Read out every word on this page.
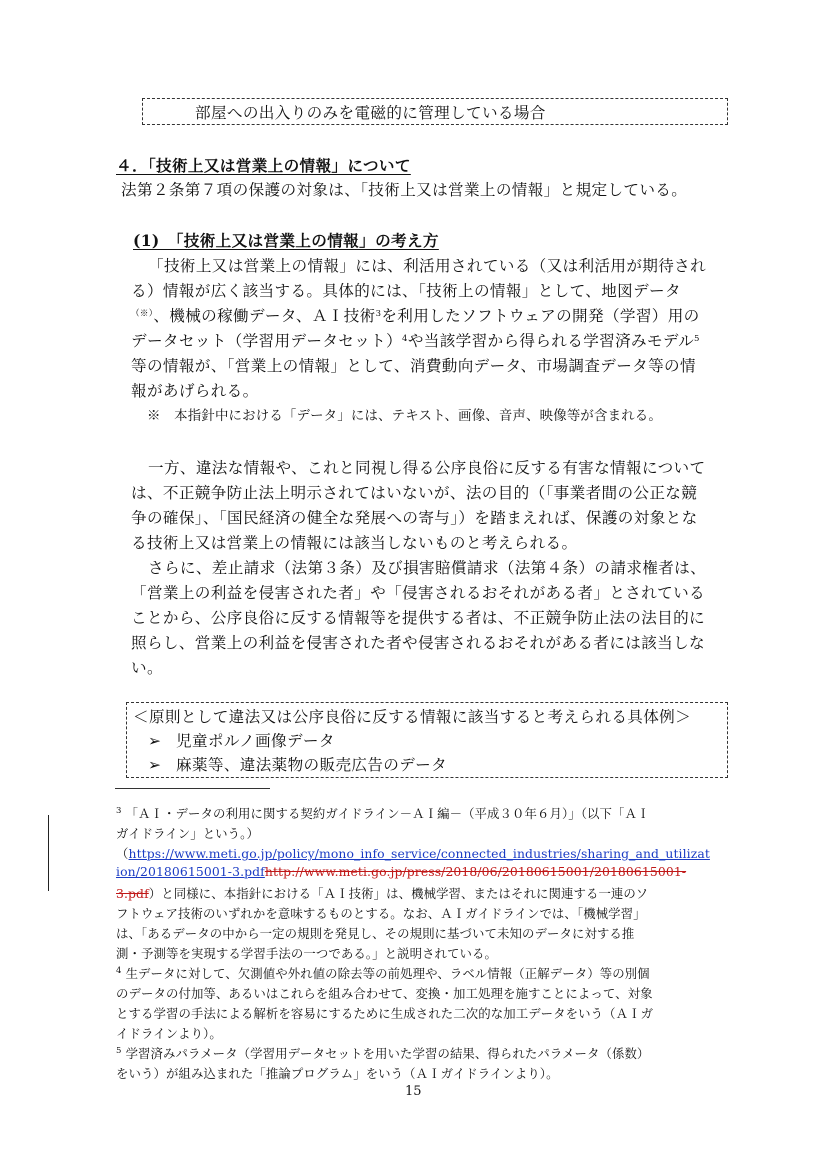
部屋への出入りのみを電磁的に管理している場合
４．「技術上又は営業上の情報」について
法第２条第７項の保護の対象は、「技術上又は営業上の情報」と規定している。
(1)　「技術上又は営業上の情報」の考え方
「技術上又は営業上の情報」には、利活用されている（又は利活用が期待され
る）情報が広く該当する。具体的には、「技術上の情報」として、地図データ
（※）、機械の稼働データ、ＡＩ技術$^3$を利用したソフトウェアの開発（学習）用の
データセット（学習用データセット）$^4$や当該学習から得られる学習済みモデル$^5$
等の情報が、「営業上の情報」として、消費動向データ、市場調査データ等の情
報があげられる。
※　本指針中における「データ」には、テキスト、画像、音声、映像等が含まれる。
一方、違法な情報や、これと同視し得る公序良俗に反する有害な情報について
は、不正競争防止法上明示されてはいないが、法の目的（「事業者間の公正な競
争の確保」、「国民経済の健全な発展への寄与」）を踏まえれば、保護の対象とな
る技術上又は営業上の情報には該当しないものと考えられる。
さらに、差止請求（法第３条）及び損害賠償請求（法第４条）の請求権者は、
「営業上の利益を侵害された者」や「侵害されるおそれがある者」とされている
ことから、公序良俗に反する情報等を提供する者は、不正競争防止法の法目的に
照らし、営業上の利益を侵害された者や侵害されるおそれがある者には該当しな
い。
＜原則として違法又は公序良俗に反する情報に該当すると考えられる具体例＞
➢ 児童ポルノ画像データ
➢ 麻薬等、違法薬物の販売広告のデータ
$^3$ 「ＡＩ・データの利用に関する契約ガイドライン－ＡＩ編－（平成３０年６月）」（以下「ＡＩ
ガイドライン」という。）
（https://www.meti.go.jp/policy/mono_info_service/connected_industries/sharing_and_utilizat
ion/20180615001-3.pdfhttp://www.meti.go.jp/press/2018/06/20180615001/20180615001-
3.pdf）と同様に、本指針における「ＡＩ技術」は、機械学習、またはそれに関連する一連のソ
フトウェア技術のいずれかを意味するものとする。なお、ＡＩガイドラインでは、「機械学習」
は、「あるデータの中から一定の規則を発見し、その規則に基づいて未知のデータに対する推
測・予測等を実現する学習手法の一つである。」と説明されている。
$^4$ 生データに対して、欠測値や外れ値の除去等の前処理や、ラベル情報（正解データ）等の別個
のデータの付加等、あるいはこれらを組み合わせて、変換・加工処理を施すことによって、対象
とする学習の手法による解析を容易にするために生成された二次的な加工データをいう（ＡＩガ
イドラインより）。
$^5$ 学習済みパラメータ（学習用データセットを用いた学習の結果、得られたパラメータ（係数）
をいう）が組み込まれた「推論プログラム」をいう（ＡＩガイドラインより）。
15
